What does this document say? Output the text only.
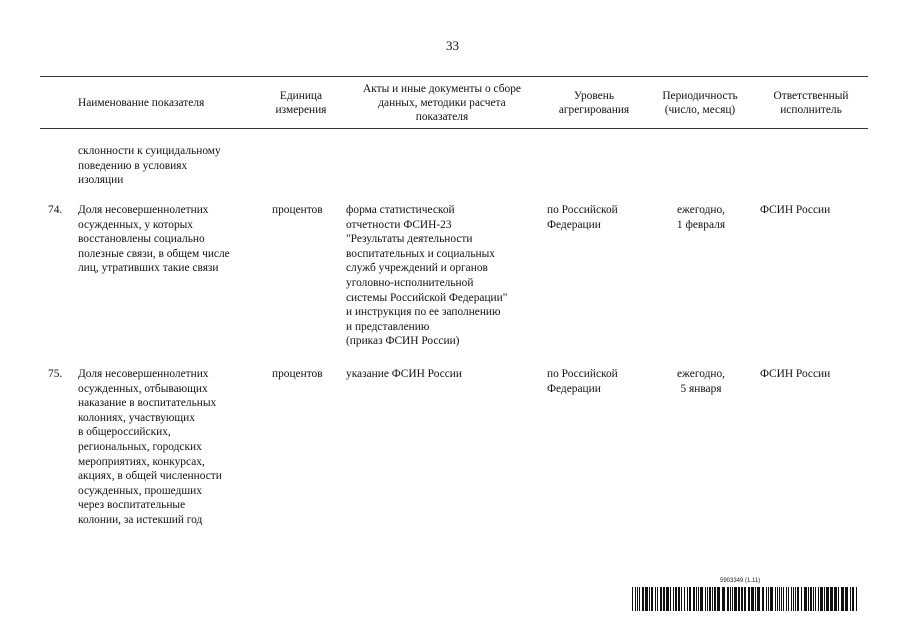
33
Наименование показателя
Единица
измерения
Акты и иные документы о сборе
данных, методики расчета
показателя
Уровень
агрегирования
Периодичность
(число, месяц)
Ответственный
исполнитель
склонности к суицидальному
поведению в условиях
изоляции
74. Доля несовершеннолетних
осужденных, у которых
восстановлены социально
полезные связи, в общем числе
лиц, утративших такие связи
процентов форма статистической
отчетности ФСИН-23
"Результаты деятельности
воспитательных и социальных
служб учреждений и органов
уголовно-исполнительной
системы Российской Федерации"
и инструкция по ее заполнению
и представлению
(приказ ФСИН России)
по Российской
Федерации
ежегодно,
1 февраля
ФСИН России
75. Доля несовершеннолетних
осужденных, отбывающих
наказание в воспитательных
колониях, участвующих
в общероссийских,
региональных, городских
мероприятиях, конкурсах,
акциях, в общей численности
осужденных, прошедших
через воспитательные
колонии, за истекший год
процентов указание ФСИН России	по Российской
Федерации
ежегодно,
5 января
ФСИН России
5903349 (1.11)
